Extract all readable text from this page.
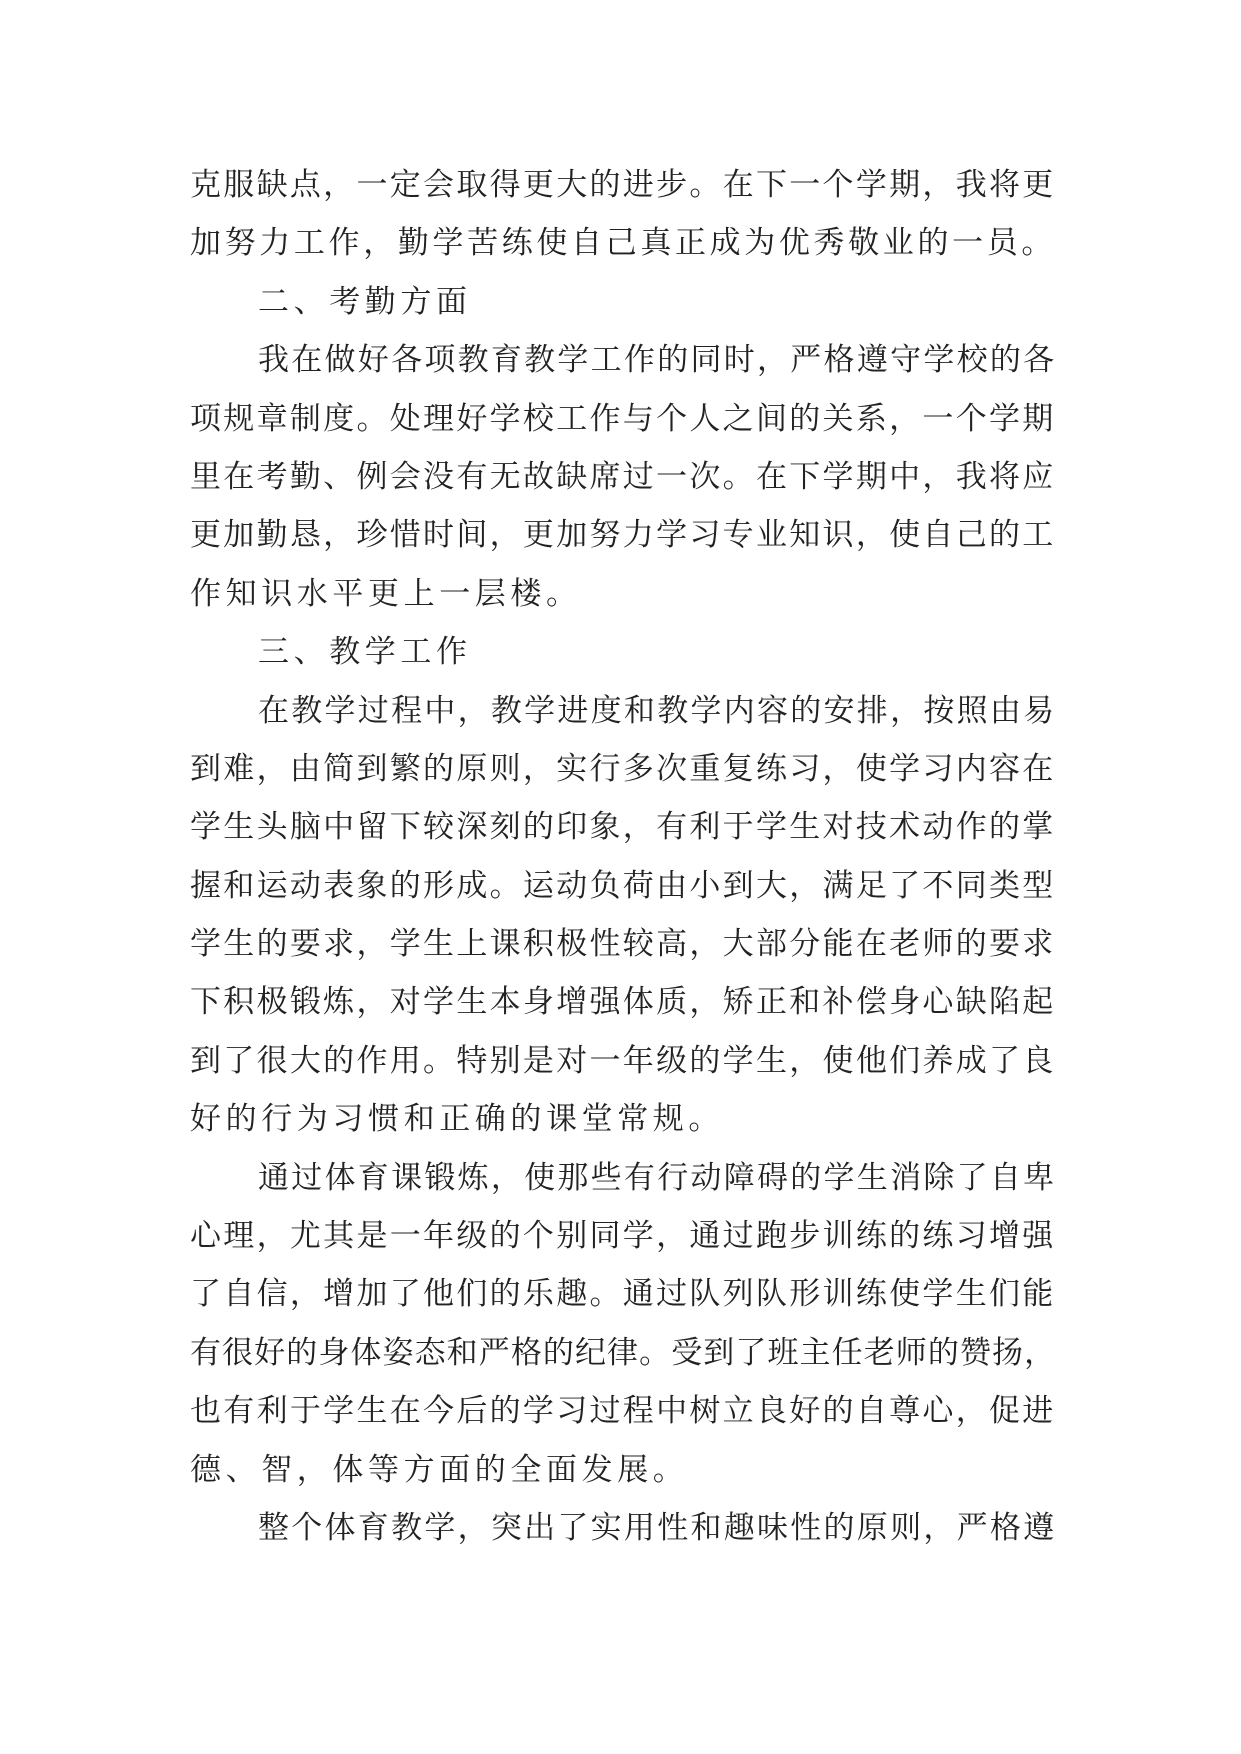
克服缺点，一定会取得更大的进步。在下一个学期，我将更
加努力工作，勤学苦练使自己真正成为优秀敬业的一员。
二、考勤方面
我在做好各项教育教学工作的同时，严格遵守学校的各
项规章制度。处理好学校工作与个人之间的关系，一个学期
里在考勤、例会没有无故缺席过一次。在下学期中，我将应
更加勤恳，珍惜时间，更加努力学习专业知识，使自己的工
作知识水平更上一层楼。
三、教学工作
在教学过程中，教学进度和教学内容的安排，按照由易
到难，由简到繁的原则，实行多次重复练习，使学习内容在
学生头脑中留下较深刻的印象，有利于学生对技术动作的掌
握和运动表象的形成。运动负荷由小到大，满足了不同类型
学生的要求，学生上课积极性较高，大部分能在老师的要求
下积极锻炼，对学生本身增强体质，矫正和补偿身心缺陷起
到了很大的作用。特别是对一年级的学生，使他们养成了良
好的行为习惯和正确的课堂常规。
通过体育课锻炼，使那些有行动障碍的学生消除了自卑
心理，尤其是一年级的个别同学，通过跑步训练的练习增强
了自信，增加了他们的乐趣。通过队列队形训练使学生们能
有很好的身体姿态和严格的纪律。受到了班主任老师的赞扬，
也有利于学生在今后的学习过程中树立良好的自尊心，促进
德、智，体等方面的全面发展。
整个体育教学，突出了实用性和趣味性的原则，严格遵
